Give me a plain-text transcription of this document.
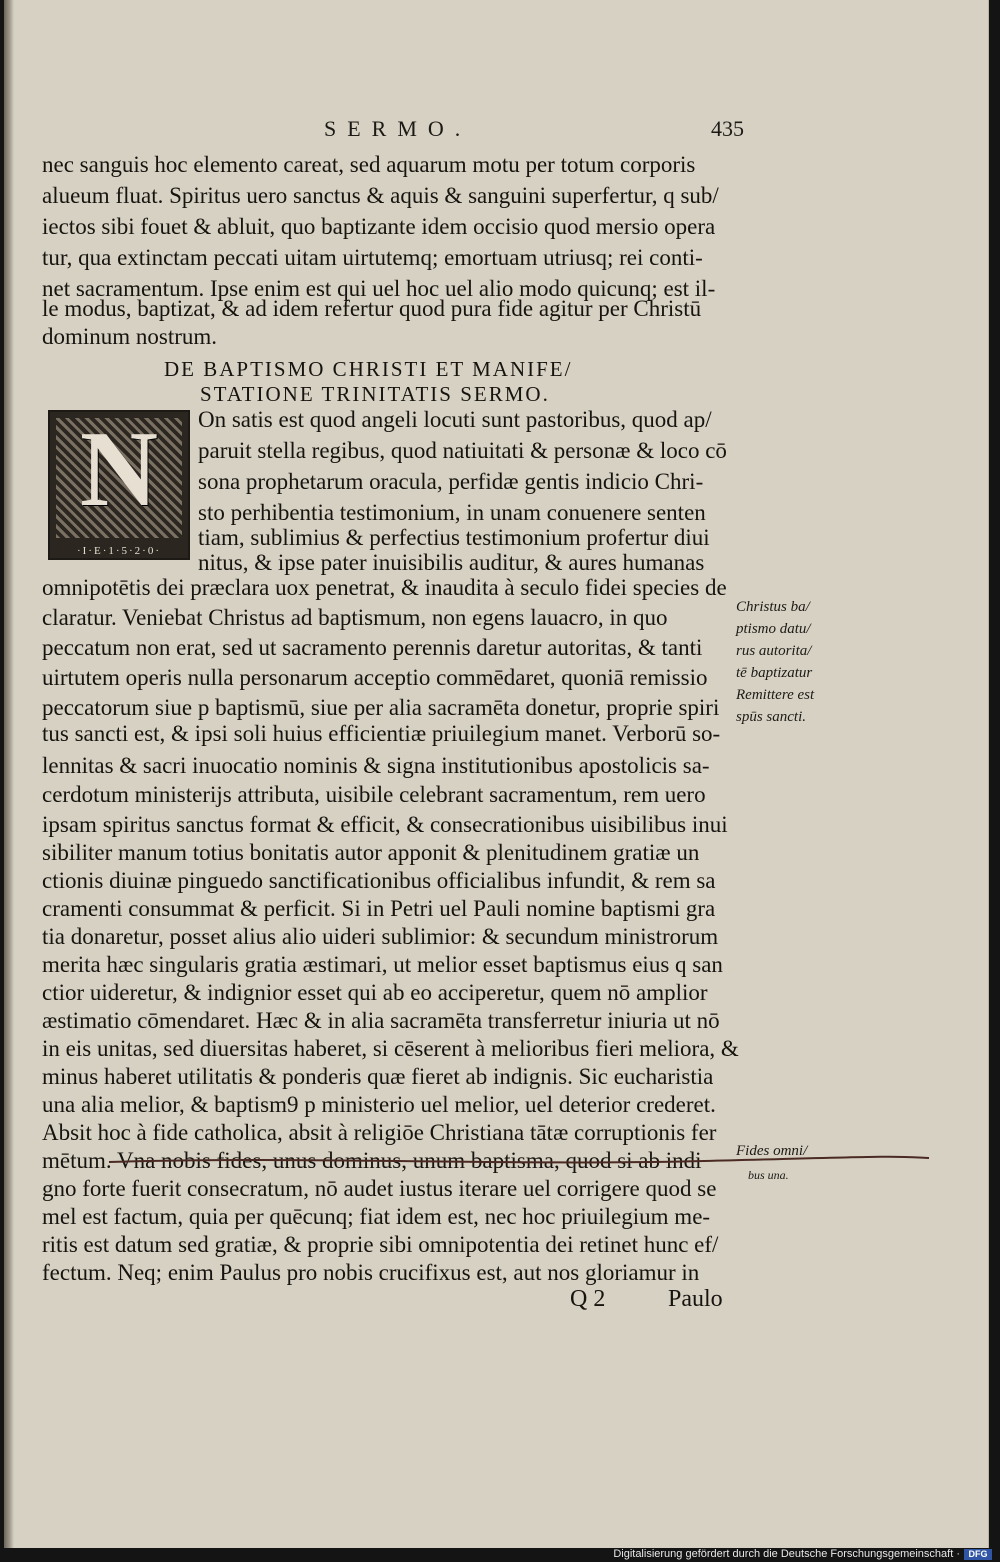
SERMO.	435
nec sanguis hoc elemento careat, sed aquarum motu per totum corporis
alueum fluat. Spiritus uero sanctus & aquis & sanguini superfertur, q sub/
iectos sibi fouet & abluit, quo baptizante idem occisio quod mersio opera
tur, qua extinctam peccati uitam uirtutemq; emortuam utriusq; rei conti-
net sacramentum. Ipse enim est qui uel hoc uel alio modo quicunq; est il-
le modus, baptizat, & ad idem refertur quod pura fide agitur per Christū
dominum nostrum.
DE BAPTISMO CHRISTI ET MANIFE/
STATIONE TRINITATIS SERMO.
N
·I·E·1·5·2·0·
On satis est quod angeli locuti sunt pastoribus, quod ap/
paruit stella regibus, quod natiuitati & personæ & loco cō
sona prophetarum oracula, perfidæ gentis indicio Chri-
sto perhibentia testimonium, in unam conuenere senten
tiam, sublimius & perfectius testimonium profertur diui
nitus, & ipse pater inuisibilis auditur, & aures humanas
omnipotētis dei præclara uox penetrat, & inaudita à seculo fidei species de
claratur. Veniebat Christus ad baptismum, non egens lauacro, in quo
peccatum non erat, sed ut sacramento perennis daretur autoritas, & tanti
uirtutem operis nulla personarum acceptio commēdaret, quoniā remissio
peccatorum siue p baptismū, siue per alia sacramēta donetur, proprie spiri
tus sancti est, & ipsi soli huius efficientiæ priuilegium manet. Verborū so-
lennitas & sacri inuocatio nominis & signa institutionibus apostolicis sa-
cerdotum ministerijs attributa, uisibile celebrant sacramentum, rem uero
ipsam spiritus sanctus format & efficit, & consecrationibus uisibilibus inui
sibiliter manum totius bonitatis autor apponit & plenitudinem gratiæ un
ctionis diuinæ pinguedo sanctificationibus officialibus infundit, & rem sa
cramenti consummat & perficit. Si in Petri uel Pauli nomine baptismi gra
tia donaretur, posset alius alio uideri sublimior: & secundum ministrorum
merita hæc singularis gratia æstimari, ut melior esset baptismus eius q san
ctior uideretur, & indignior esset qui ab eo acciperetur, quem nō amplior
æstimatio cōmendaret. Hæc & in alia sacramēta transferretur iniuria ut nō
in eis unitas, sed diuersitas haberet, si cēserent à melioribus fieri meliora, &
minus haberet utilitatis & ponderis quæ fieret ab indignis. Sic eucharistia
una alia melior, & baptism9 p ministerio uel melior, uel deterior crederet.
Absit hoc à fide catholica, absit à religiōe Christiana tātæ corruptionis fer
mētum. Vna nobis fides, unus dominus, unum baptisma, quod si ab indi
gno forte fuerit consecratum, nō audet iustus iterare uel corrigere quod se
mel est factum, quia per quēcunq; fiat idem est, nec hoc priuilegium me-
ritis est datum sed gratiæ, & proprie sibi omnipotentia dei retinet hunc ef/
fectum. Neq; enim Paulus pro nobis crucifixus est, aut nos gloriamur in
Christus ba/
ptismo datu/
rus autorita/
tē baptizatur
Remittere est
spūs sancti.
Fides omni/
bus una.
Q 2	Paulo
Digitalisierung gefördert durch die Deutsche Forschungsgemeinschaft · DFG
